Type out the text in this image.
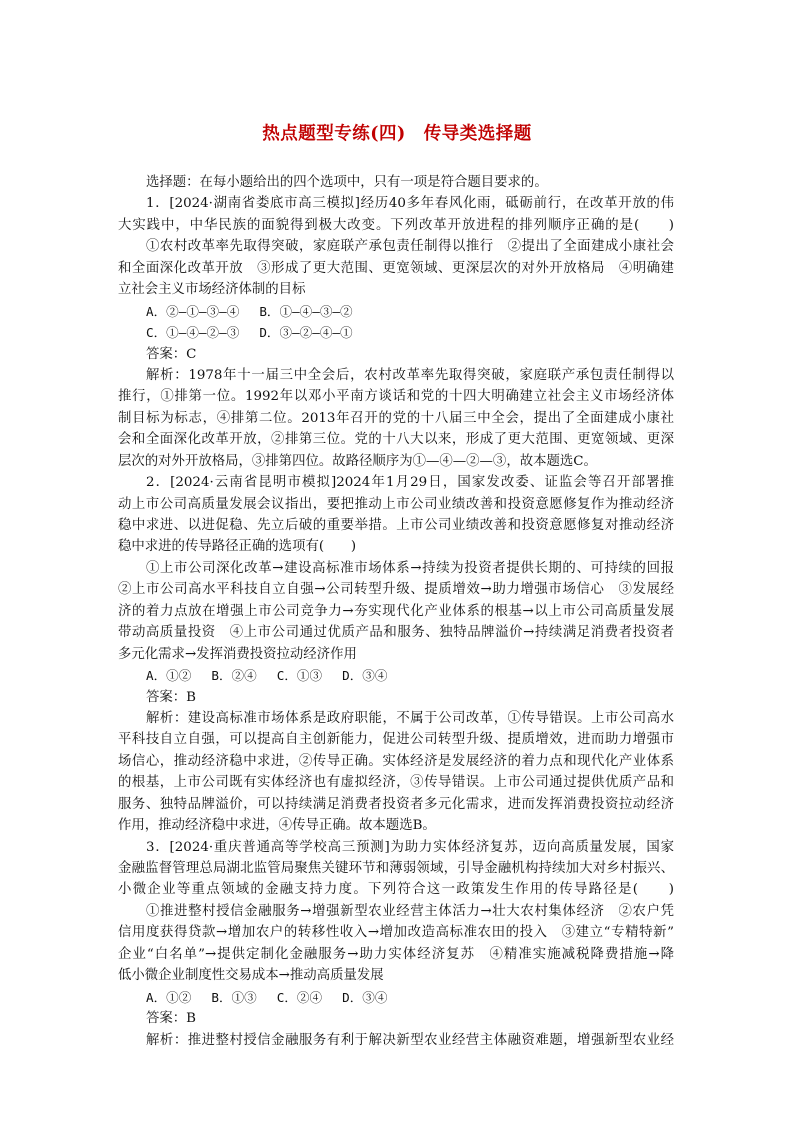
热点题型专练(四)　传导类选择题
选择题：在每小题给出的四个选项中，只有一项是符合题目要求的。
1．[2024·湖南省娄底市高三模拟]经历40多年春风化雨，砥砺前行，在改革开放的伟
大实践中，中华民族的面貌得到极大改变。下列改革开放进程的排列顺序正确的是(　　)
①农村改革率先取得突破，家庭联产承包责任制得以推行　②提出了全面建成小康社会
和全面深化改革开放　③形成了更大范围、更宽领域、更深层次的对外开放格局　④明确建
立社会主义市场经济体制的目标
A．②—①—③—④ B．①—④—③—②
C．①—④—②—③ D．③—②—④—①
答案：C
解析：1978年十一届三中全会后，农村改革率先取得突破，家庭联产承包责任制得以
推行，①排第一位。1992年以邓小平南方谈话和党的十四大明确建立社会主义市场经济体
制目标为标志，④排第二位。2013年召开的党的十八届三中全会，提出了全面建成小康社
会和全面深化改革开放，②排第三位。党的十八大以来，形成了更大范围、更宽领域、更深
层次的对外开放格局，③排第四位。故路径顺序为①—④—②—③，故本题选C。
2．[2024·云南省昆明市模拟]2024年1月29日，国家发改委、证监会等召开部署推
动上市公司高质量发展会议指出，要把推动上市公司业绩改善和投资意愿修复作为推动经济
稳中求进、以进促稳、先立后破的重要举措。上市公司业绩改善和投资意愿修复对推动经济
稳中求进的传导路径正确的选项有(　　)
①上市公司深化改革→建设高标准市场体系→持续为投资者提供长期的、可持续的回报
②上市公司高水平科技自立自强→公司转型升级、提质增效→助力增强市场信心　③发展经
济的着力点放在增强上市公司竞争力→夯实现代化产业体系的根基→以上市公司高质量发展
带动高质量投资　④上市公司通过优质产品和服务、独特品牌溢价→持续满足消费者投资者
多元化需求→发挥消费投资拉动经济作用
A．①② B．②④ C．①③ D．③④
答案：B
解析：建设高标准市场体系是政府职能，不属于公司改革，①传导错误。上市公司高水
平科技自立自强，可以提高自主创新能力，促进公司转型升级、提质增效，进而助力增强市
场信心，推动经济稳中求进，②传导正确。实体经济是发展经济的着力点和现代化产业体系
的根基，上市公司既有实体经济也有虚拟经济，③传导错误。上市公司通过提供优质产品和
服务、独特品牌溢价，可以持续满足消费者投资者多元化需求，进而发挥消费投资拉动经济
作用，推动经济稳中求进，④传导正确。故本题选B。
3．[2024·重庆普通高等学校高三预测]为助力实体经济复苏，迈向高质量发展，国家
金融监督管理总局湖北监管局聚焦关键环节和薄弱领域，引导金融机构持续加大对乡村振兴、
小微企业等重点领域的金融支持力度。下列符合这一政策发生作用的传导路径是(　　)
①推进整村授信金融服务→增强新型农业经营主体活力→壮大农村集体经济　②农户凭
信用度获得贷款→增加农户的转移性收入→增加改造高标准农田的投入　③建立“专精特新”
企业“白名单”→提供定制化金融服务→助力实体经济复苏　④精准实施减税降费措施→降
低小微企业制度性交易成本→推动高质量发展
A．①② B．①③ C．②④ D．③④
答案：B
解析：推进整村授信金融服务有利于解决新型农业经营主体融资难题，增强新型农业经
